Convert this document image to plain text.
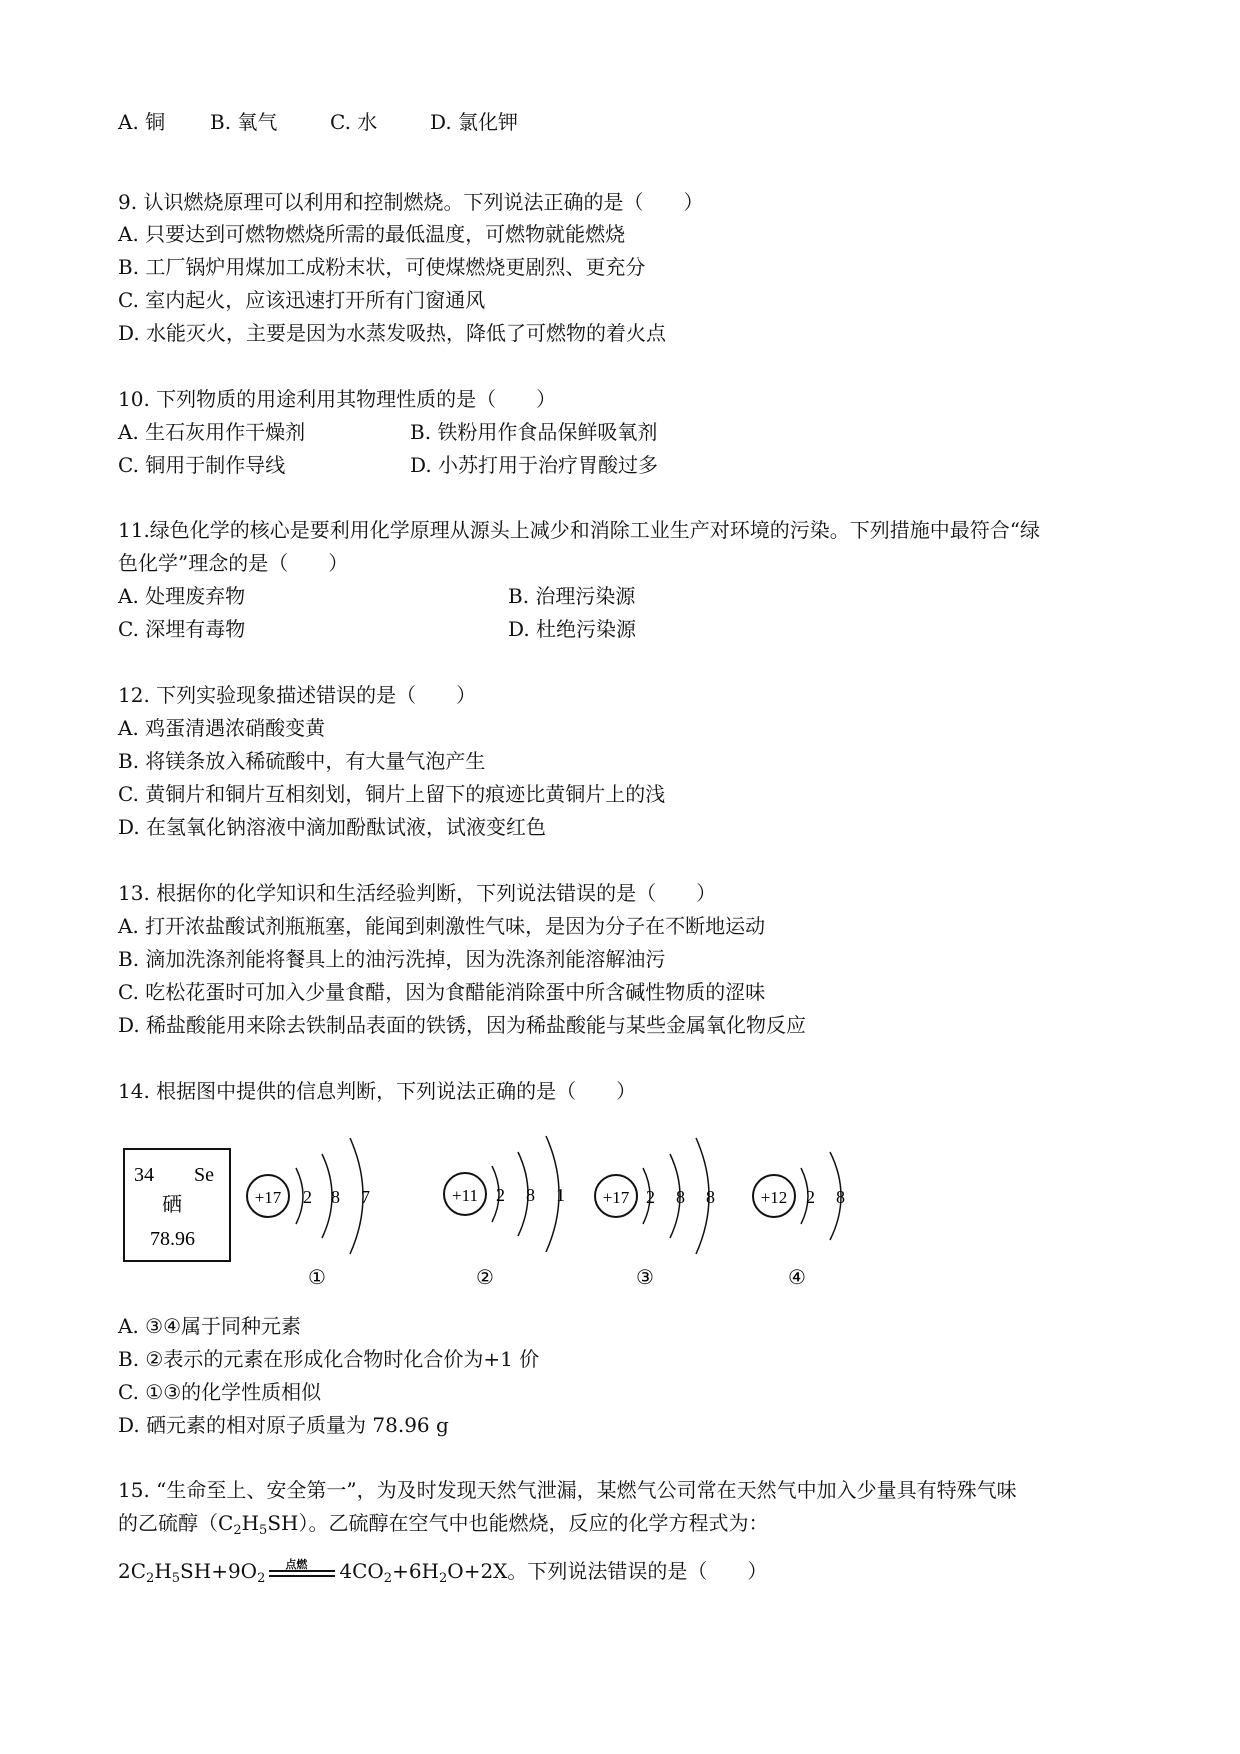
A. 铜 B. 氧气	C. 水	D. 氯化钾
9. 认识燃烧原理可以利用和控制燃烧。下列说法正确的是（　　）
A. 只要达到可燃物燃烧所需的最低温度，可燃物就能燃烧
B. 工厂锅炉用煤加工成粉末状，可使煤燃烧更剧烈、更充分
C. 室内起火，应该迅速打开所有门窗通风
D. 水能灭火，主要是因为水蒸发吸热，降低了可燃物的着火点
10. 下列物质的用途利用其物理性质的是（　　）
A. 生石灰用作干燥剂	B. 铁粉用作食品保鲜吸氧剂
C. 铜用于制作导线	D. 小苏打用于治疗胃酸过多
11.绿色化学的核心是要利用化学原理从源头上减少和消除工业生产对环境的污染。下列措施中最符合“绿
色化学”理念的是（　　）
A. 处理废弃物	B. 治理污染源
C. 深埋有毒物	D. 杜绝污染源
12. 下列实验现象描述错误的是（　　）
A. 鸡蛋清遇浓硝酸变黄
B. 将镁条放入稀硫酸中，有大量气泡产生
C. 黄铜片和铜片互相刻划，铜片上留下的痕迹比黄铜片上的浅
D. 在氢氧化钠溶液中滴加酚酞试液，试液变红色
13. 根据你的化学知识和生活经验判断，下列说法错误的是（　　）
A. 打开浓盐酸试剂瓶瓶塞，能闻到刺激性气味，是因为分子在不断地运动
B. 滴加洗涤剂能将餐具上的油污洗掉，因为洗涤剂能溶解油污
C. 吃松花蛋时可加入少量食醋，因为食醋能消除蛋中所含碱性物质的涩味
D. 稀盐酸能用来除去铁制品表面的铁锈，因为稀盐酸能与某些金属氧化物反应
14. 根据图中提供的信息判断，下列说法正确的是（　　）
34 Se
硒
78.96
+17 2 8 7
①
+11 2 8 1
②
+17 2 8 8
③
+12 2 8
④
A. ③④属于同种元素
B. ②表示的元素在形成化合物时化合价为+1 价
C. ①③的化学性质相似
D. 硒元素的相对原子质量为 78.96 g
15. “生命至上、安全第一”，为及时发现天然气泄漏，某燃气公司常在天然气中加入少量具有特殊气味
的乙硫醇$(C_2H_5SH)$。乙硫醇在空气中也能燃烧，反应的化学方程式为：
$2C_2H_5SH+9O_2$
点燃 $4CO_2+6H_2O+2X$。下列说法错误的是（　　）
